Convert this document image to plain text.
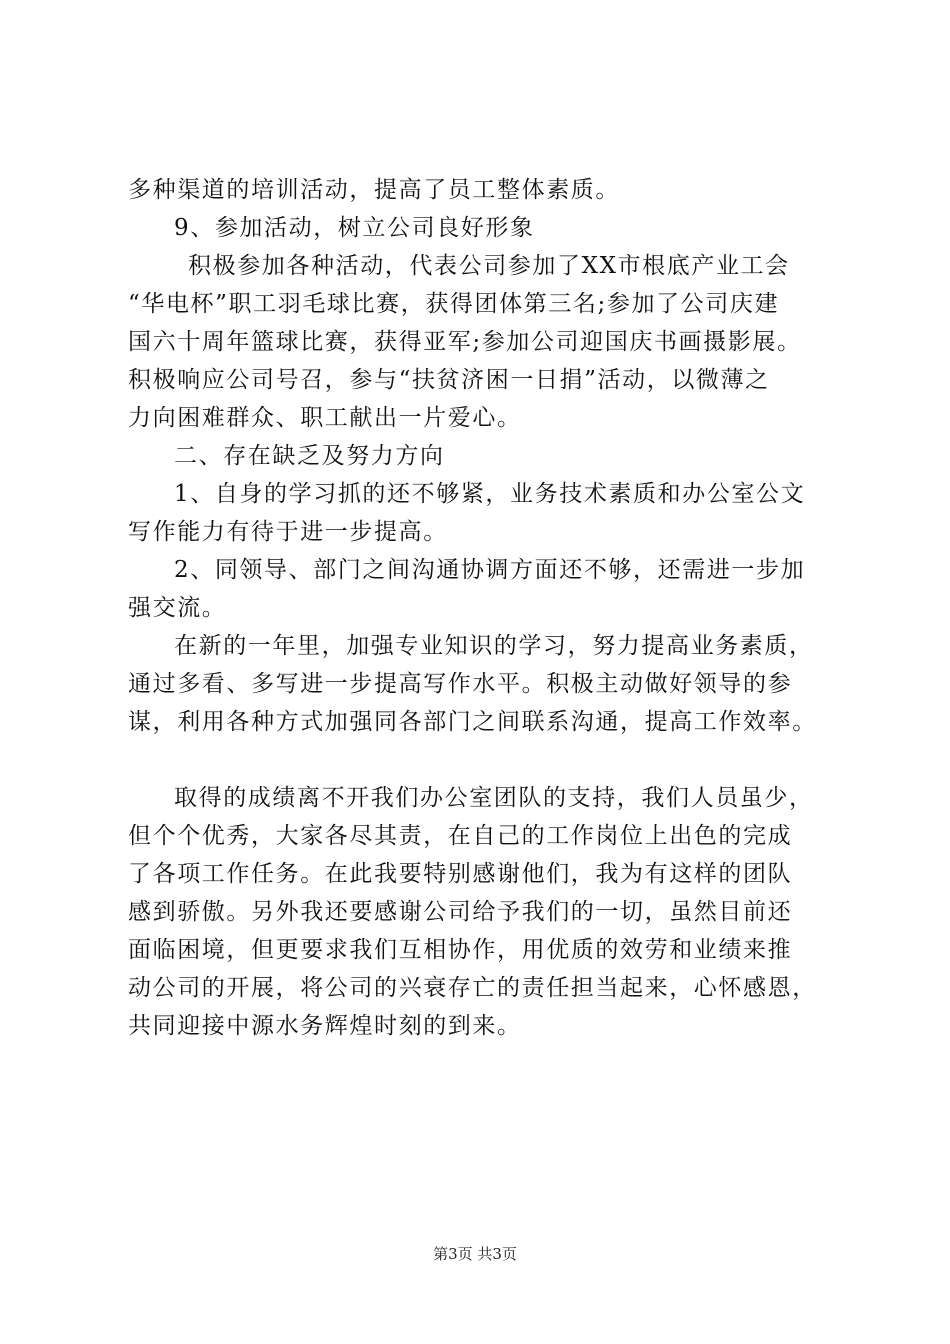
多种渠道的培训活动，提高了员工整体素质。
9、参加活动，树立公司良好形象
积极参加各种活动，代表公司参加了XX市根底产业工会
“华电杯”职工羽毛球比赛，获得团体第三名;参加了公司庆建
国六十周年篮球比赛，获得亚军;参加公司迎国庆书画摄影展。
积极响应公司号召，参与“扶贫济困一日捐”活动，以微薄之
力向困难群众、职工献出一片爱心。
二、存在缺乏及努力方向
1、自身的学习抓的还不够紧，业务技术素质和办公室公文
写作能力有待于进一步提高。
2、同领导、部门之间沟通协调方面还不够，还需进一步加
强交流。
在新的一年里，加强专业知识的学习，努力提高业务素质，
通过多看、多写进一步提高写作水平。积极主动做好领导的参
谋，利用各种方式加强同各部门之间联系沟通，提高工作效率。
取得的成绩离不开我们办公室团队的支持，我们人员虽少，
但个个优秀，大家各尽其责，在自己的工作岗位上出色的完成
了各项工作任务。在此我要特别感谢他们，我为有这样的团队
感到骄傲。另外我还要感谢公司给予我们的一切，虽然目前还
面临困境，但更要求我们互相协作，用优质的效劳和业绩来推
动公司的开展，将公司的兴衰存亡的责任担当起来，心怀感恩，
共同迎接中源水务辉煌时刻的到来。
第3页 共3页
